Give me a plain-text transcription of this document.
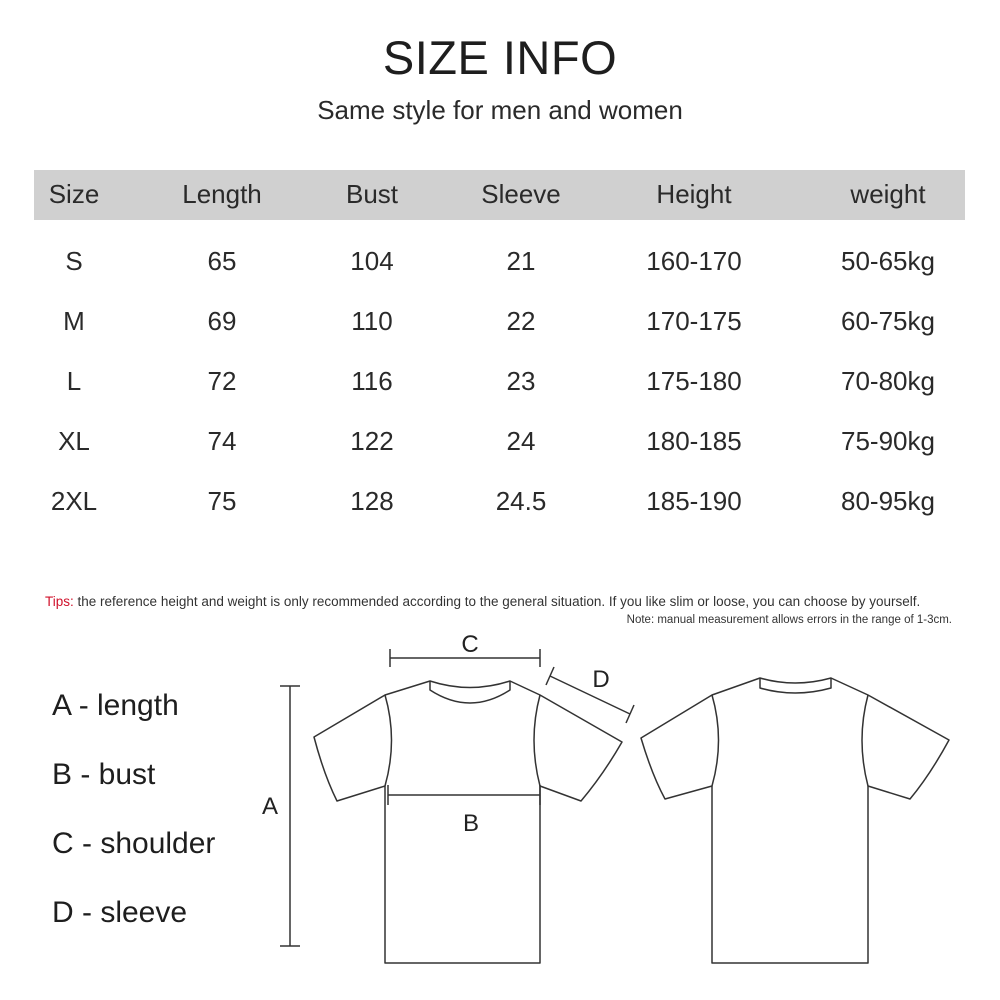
SIZE INFO
Same style for men and women
Size	Length	Bust	Sleeve	Height	weight
S	65	104	21	160-170	50-65kg
M	69	110	22	170-175	60-75kg
L	72	116	23	175-180	70-80kg
XL	74	122	24	180-185	75-90kg
2XL	75	128	24.5	185-190	80-95kg
Tips: the reference height and weight is only recommended according to the general situation. If you like slim or loose, you can choose by yourself.
Note: manual measurement allows errors in the range of 1-3cm.
A - length
B - bust
C - shoulder
D - sleeve
A
B
C
D
